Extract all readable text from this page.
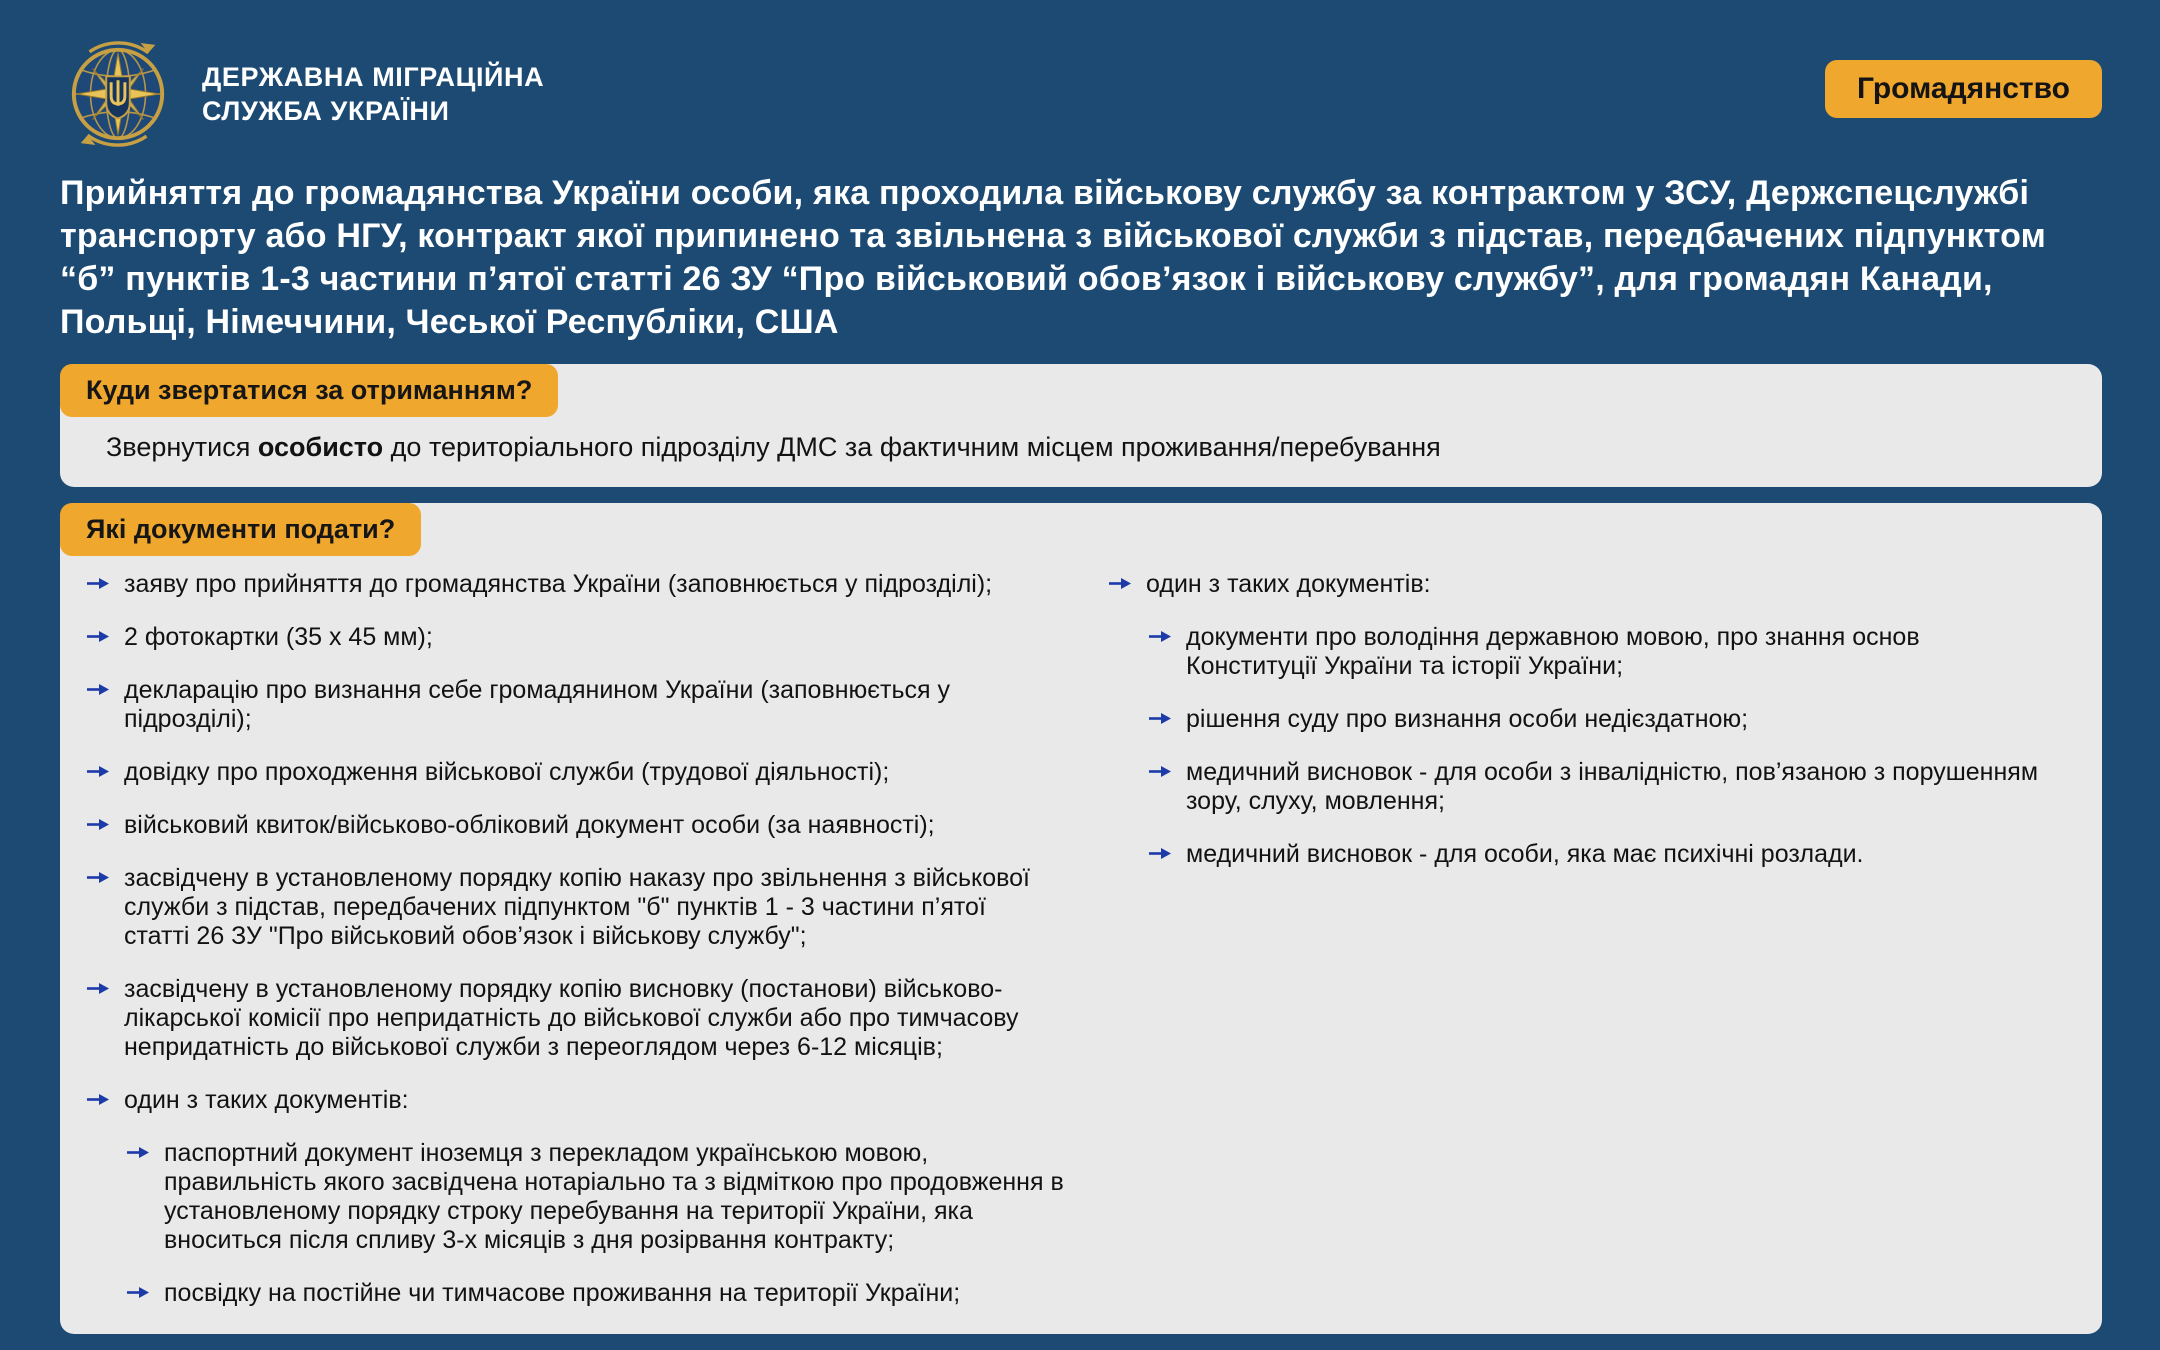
ДЕРЖАВНА МІГРАЦІЙНА
СЛУЖБА УКРАЇНИ
Громадянство
Прийняття до громадянства України особи, яка проходила військову службу за контрактом у ЗСУ, Держспецслужбі транспорту або НГУ, контракт якої припинено та звільнена з військової служби з підстав, передбачених підпунктом “б” пунктів 1-3 частини п’ятої статті 26 ЗУ “Про військовий обов’язок і військову службу”, для громадян Канади, Польщі, Німеччини, Чеської Республіки, США
Куди звертатися за отриманням?

Звернутися особисто до територіального підрозділу ДМС за фактичним місцем проживання/перебування

Які документи подати?
заяву про прийняття до громадянства України (заповнюється у підрозділі);
2 фотокартки (35 х 45 мм);
декларацію про визнання себе громадянином України (заповнюється у підрозділі);
довідку про проходження військової служби (трудової діяльності);
військовий квиток/військово-обліковий документ особи (за наявності);
засвідчену в установленому порядку копію наказу про звільнення з військової служби з підстав, передбачених підпунктом "б" пунктів 1 - 3 частини п’ятої статті 26 ЗУ "Про військовий обов’язок і військову службу";
засвідчену в установленому порядку копію висновку (постанови) військово-лікарської комісії про непридатність до військової служби або про тимчасову непридатність до військової служби з переоглядом через 6-12 місяців;
один з таких документів:
паспортний документ іноземця з перекладом українською мовою, правильність якого засвідчена нотаріально та з відміткою про продовження в установленому порядку строку перебування на території України, яка вноситься після спливу 3-х місяців з дня розірвання контракту;
посвідку на постійне чи тимчасове проживання на території України;
один з таких документів:
документи про володіння державною мовою, про знання основ Конституції України та історії України;
рішення суду про визнання особи недієздатною;
медичний висновок - для особи з інвалідністю, пов’язаною з порушенням зору, слуху, мовлення;
медичний висновок - для особи, яка має психічні розлади.
